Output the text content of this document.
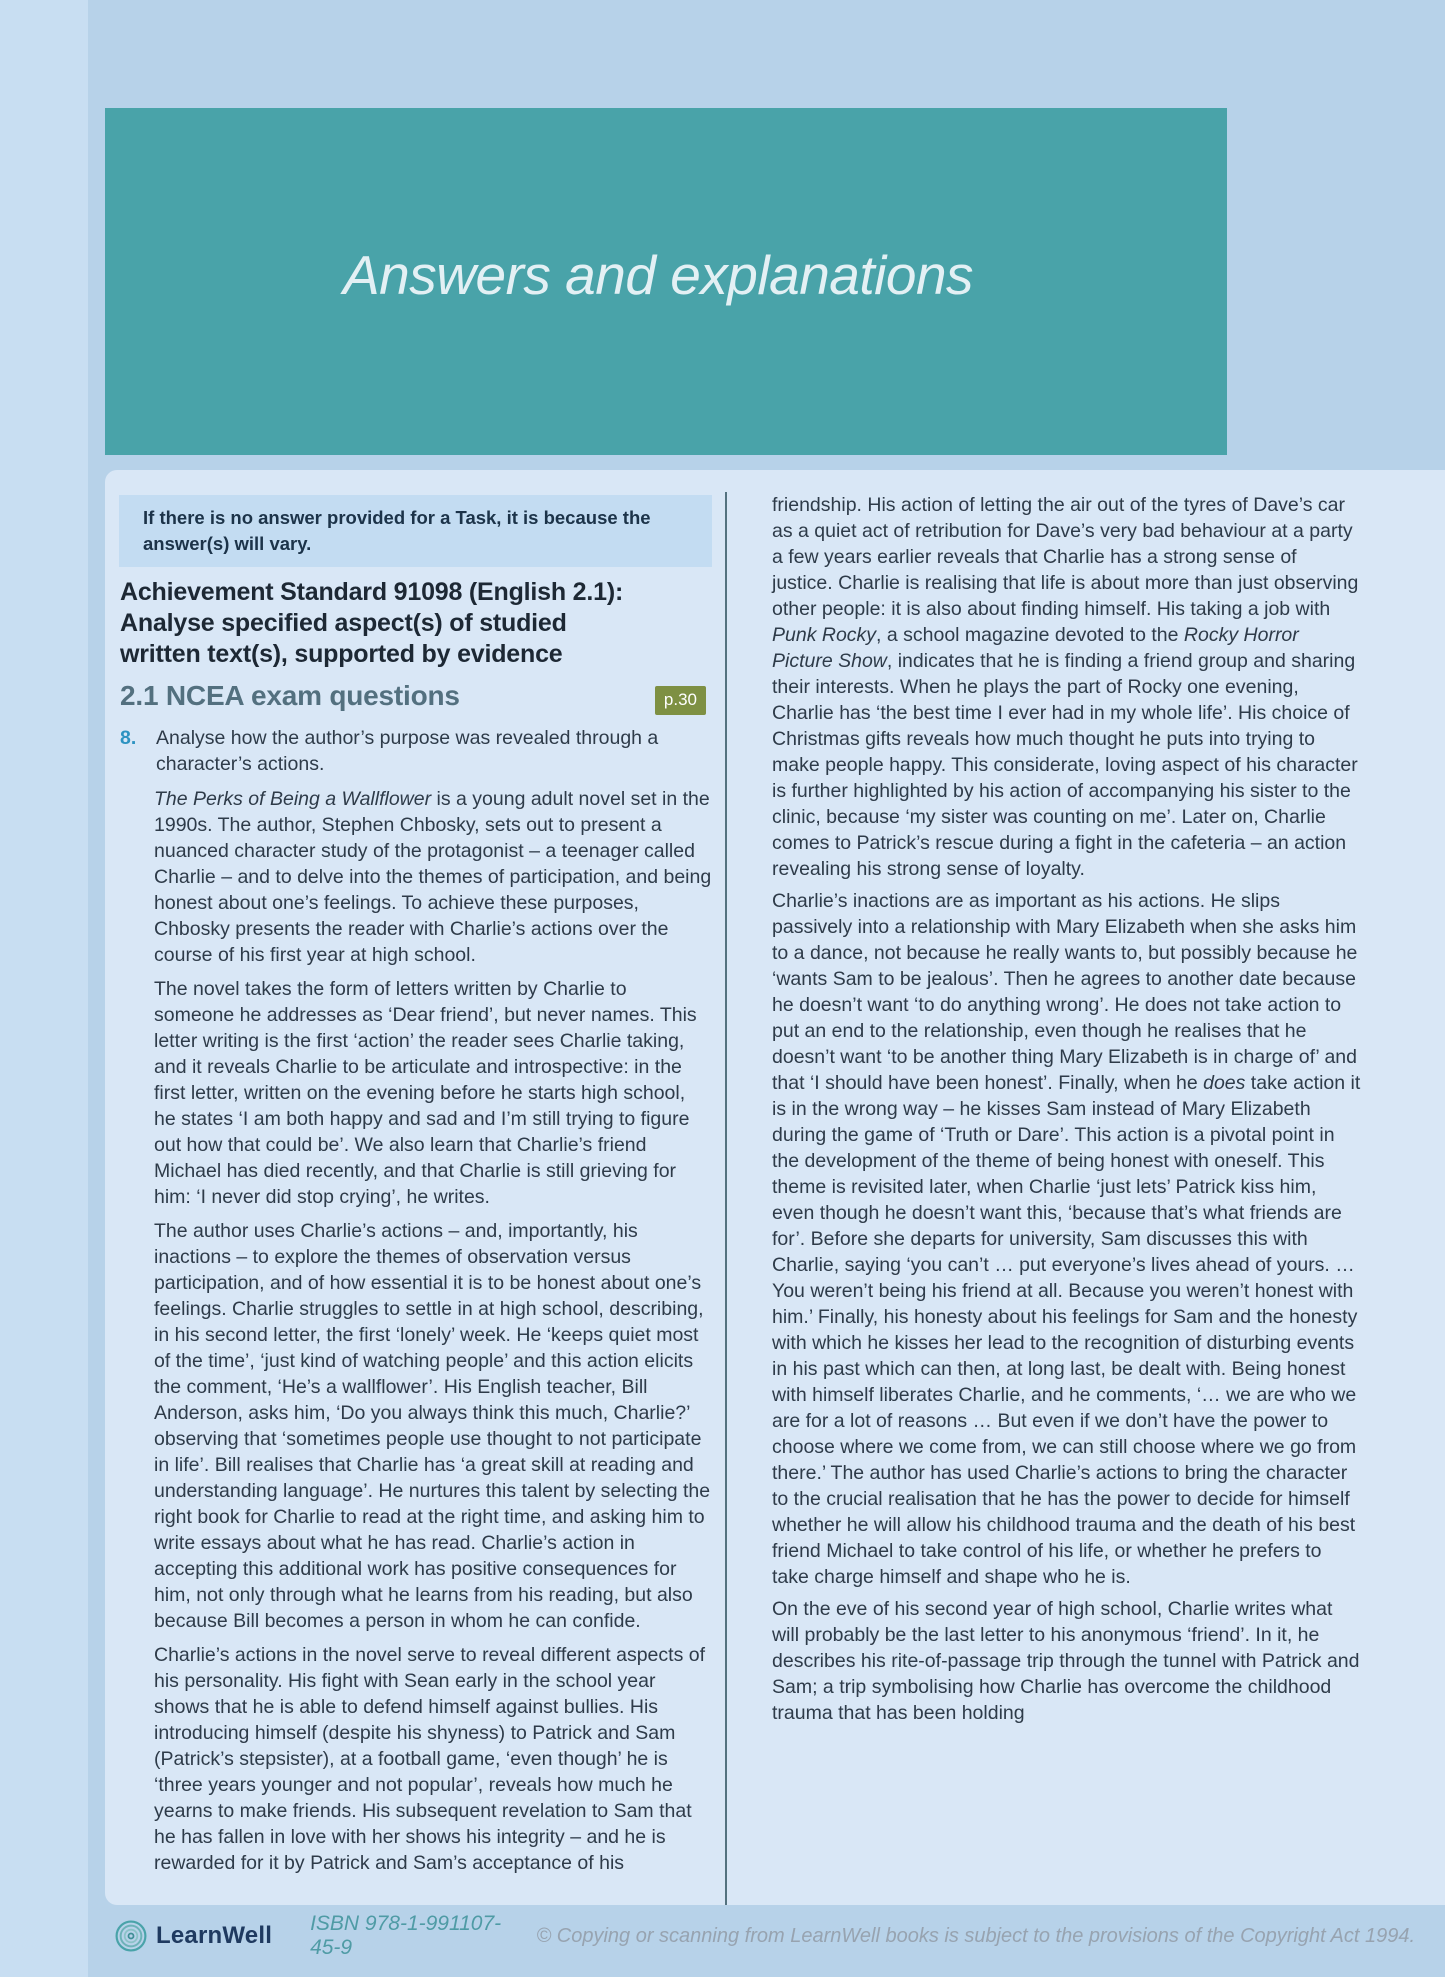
Answers and explanations

If there is no answer provided for a Task, it is because the answer(s) will vary.

Achievement Standard 91098 (English 2.1):
Analyse specified aspect(s) of studied
written text(s), supported by evidence
2.1 NCEA exam questions	p.30
8.	Analyse how the author’s purpose was revealed through a character’s actions.

The Perks of Being a Wallflower is a young adult novel set in the 1990s. The author, Stephen Chbosky, sets out to present a nuanced character study of the protagonist – a teenager called Charlie – and to delve into the themes of participation, and being honest about one’s feelings. To achieve these purposes, Chbosky presents the reader with Charlie’s actions over the course of his first year at high school.

The novel takes the form of letters written by Charlie to someone he addresses as ‘Dear friend’, but never names. This letter writing is the first ‘action’ the reader sees Charlie taking, and it reveals Charlie to be articulate and introspective: in the first letter, written on the evening before he starts high school, he states ‘I am both happy and sad and I’m still trying to figure out how that could be’. We also learn that Charlie’s friend Michael has died recently, and that Charlie is still grieving for him: ‘I never did stop crying’, he writes.

The author uses Charlie’s actions – and, importantly, his inactions – to explore the themes of observation versus participation, and of how essential it is to be honest about one’s feelings. Charlie struggles to settle in at high school, describing, in his second letter, the first ‘lonely’ week. He ‘keeps quiet most of the time’, ‘just kind of watching people’ and this action elicits the comment, ‘He’s a wallflower’. His English teacher, Bill Anderson, asks him, ‘Do you always think this much, Charlie?’ observing that ‘sometimes people use thought to not participate in life’. Bill realises that Charlie has ‘a great skill at reading and understanding language’. He nurtures this talent by selecting the right book for Charlie to read at the right time, and asking him to write essays about what he has read. Charlie’s action in accepting this additional work has positive consequences for him, not only through what he learns from his reading, but also because Bill becomes a person in whom he can confide.

Charlie’s actions in the novel serve to reveal different aspects of his personality. His fight with Sean early in the school year shows that he is able to defend himself against bullies. His introducing himself (despite his shyness) to Patrick and Sam (Patrick’s stepsister), at a football game, ‘even though’ he is ‘three years younger and not popular’, reveals how much he yearns to make friends. His subsequent revelation to Sam that he has fallen in love with her shows his integrity – and he is rewarded for it by Patrick and Sam’s acceptance of his

friendship. His action of letting the air out of the tyres of Dave’s car as a quiet act of retribution for Dave’s very bad behaviour at a party a few years earlier reveals that Charlie has a strong sense of justice. Charlie is realising that life is about more than just observing other people: it is also about finding himself. His taking a job with Punk Rocky, a school magazine devoted to the Rocky Horror Picture Show, indicates that he is finding a friend group and sharing their interests. When he plays the part of Rocky one evening, Charlie has ‘the best time I ever had in my whole life’. His choice of Christmas gifts reveals how much thought he puts into trying to make people happy. This considerate, loving aspect of his character is further highlighted by his action of accompanying his sister to the clinic, because ‘my sister was counting on me’. Later on, Charlie comes to Patrick’s rescue during a fight in the cafeteria – an action revealing his strong sense of loyalty.

Charlie’s inactions are as important as his actions. He slips passively into a relationship with Mary Elizabeth when she asks him to a dance, not because he really wants to, but possibly because he ‘wants Sam to be jealous’. Then he agrees to another date because he doesn’t want ‘to do anything wrong’. He does not take action to put an end to the relationship, even though he realises that he doesn’t want ‘to be another thing Mary Elizabeth is in charge of’ and that ‘I should have been honest’. Finally, when he does take action it is in the wrong way – he kisses Sam instead of Mary Elizabeth during the game of ‘Truth or Dare’. This action is a pivotal point in the development of the theme of being honest with oneself. This theme is revisited later, when Charlie ‘just lets’ Patrick kiss him, even though he doesn’t want this, ‘because that’s what friends are for’. Before she departs for university, Sam discusses this with Charlie, saying ‘you can’t … put everyone’s lives ahead of yours. … You weren’t being his friend at all. Because you weren’t honest with him.’ Finally, his honesty about his feelings for Sam and the honesty with which he kisses her lead to the recognition of disturbing events in his past which can then, at long last, be dealt with. Being honest with himself liberates Charlie, and he comments, ‘… we are who we are for a lot of reasons … But even if we don’t have the power to choose where we come from, we can still choose where we go from there.’ The author has used Charlie’s actions to bring the character to the crucial realisation that he has the power to decide for himself whether he will allow his childhood trauma and the death of his best friend Michael to take control of his life, or whether he prefers to take charge himself and shape who he is.

On the eve of his second year of high school, Charlie writes what will probably be the last letter to his anonymous ‘friend’. In it, he describes his rite-of-passage trip through the tunnel with Patrick and Sam; a trip symbolising how Charlie has overcome the childhood trauma that has been holding

LearnWell ISBN 978-1-991107-45-9
© Copying or scanning from LearnWell books is subject to the provisions of the Copyright Act 1994.
